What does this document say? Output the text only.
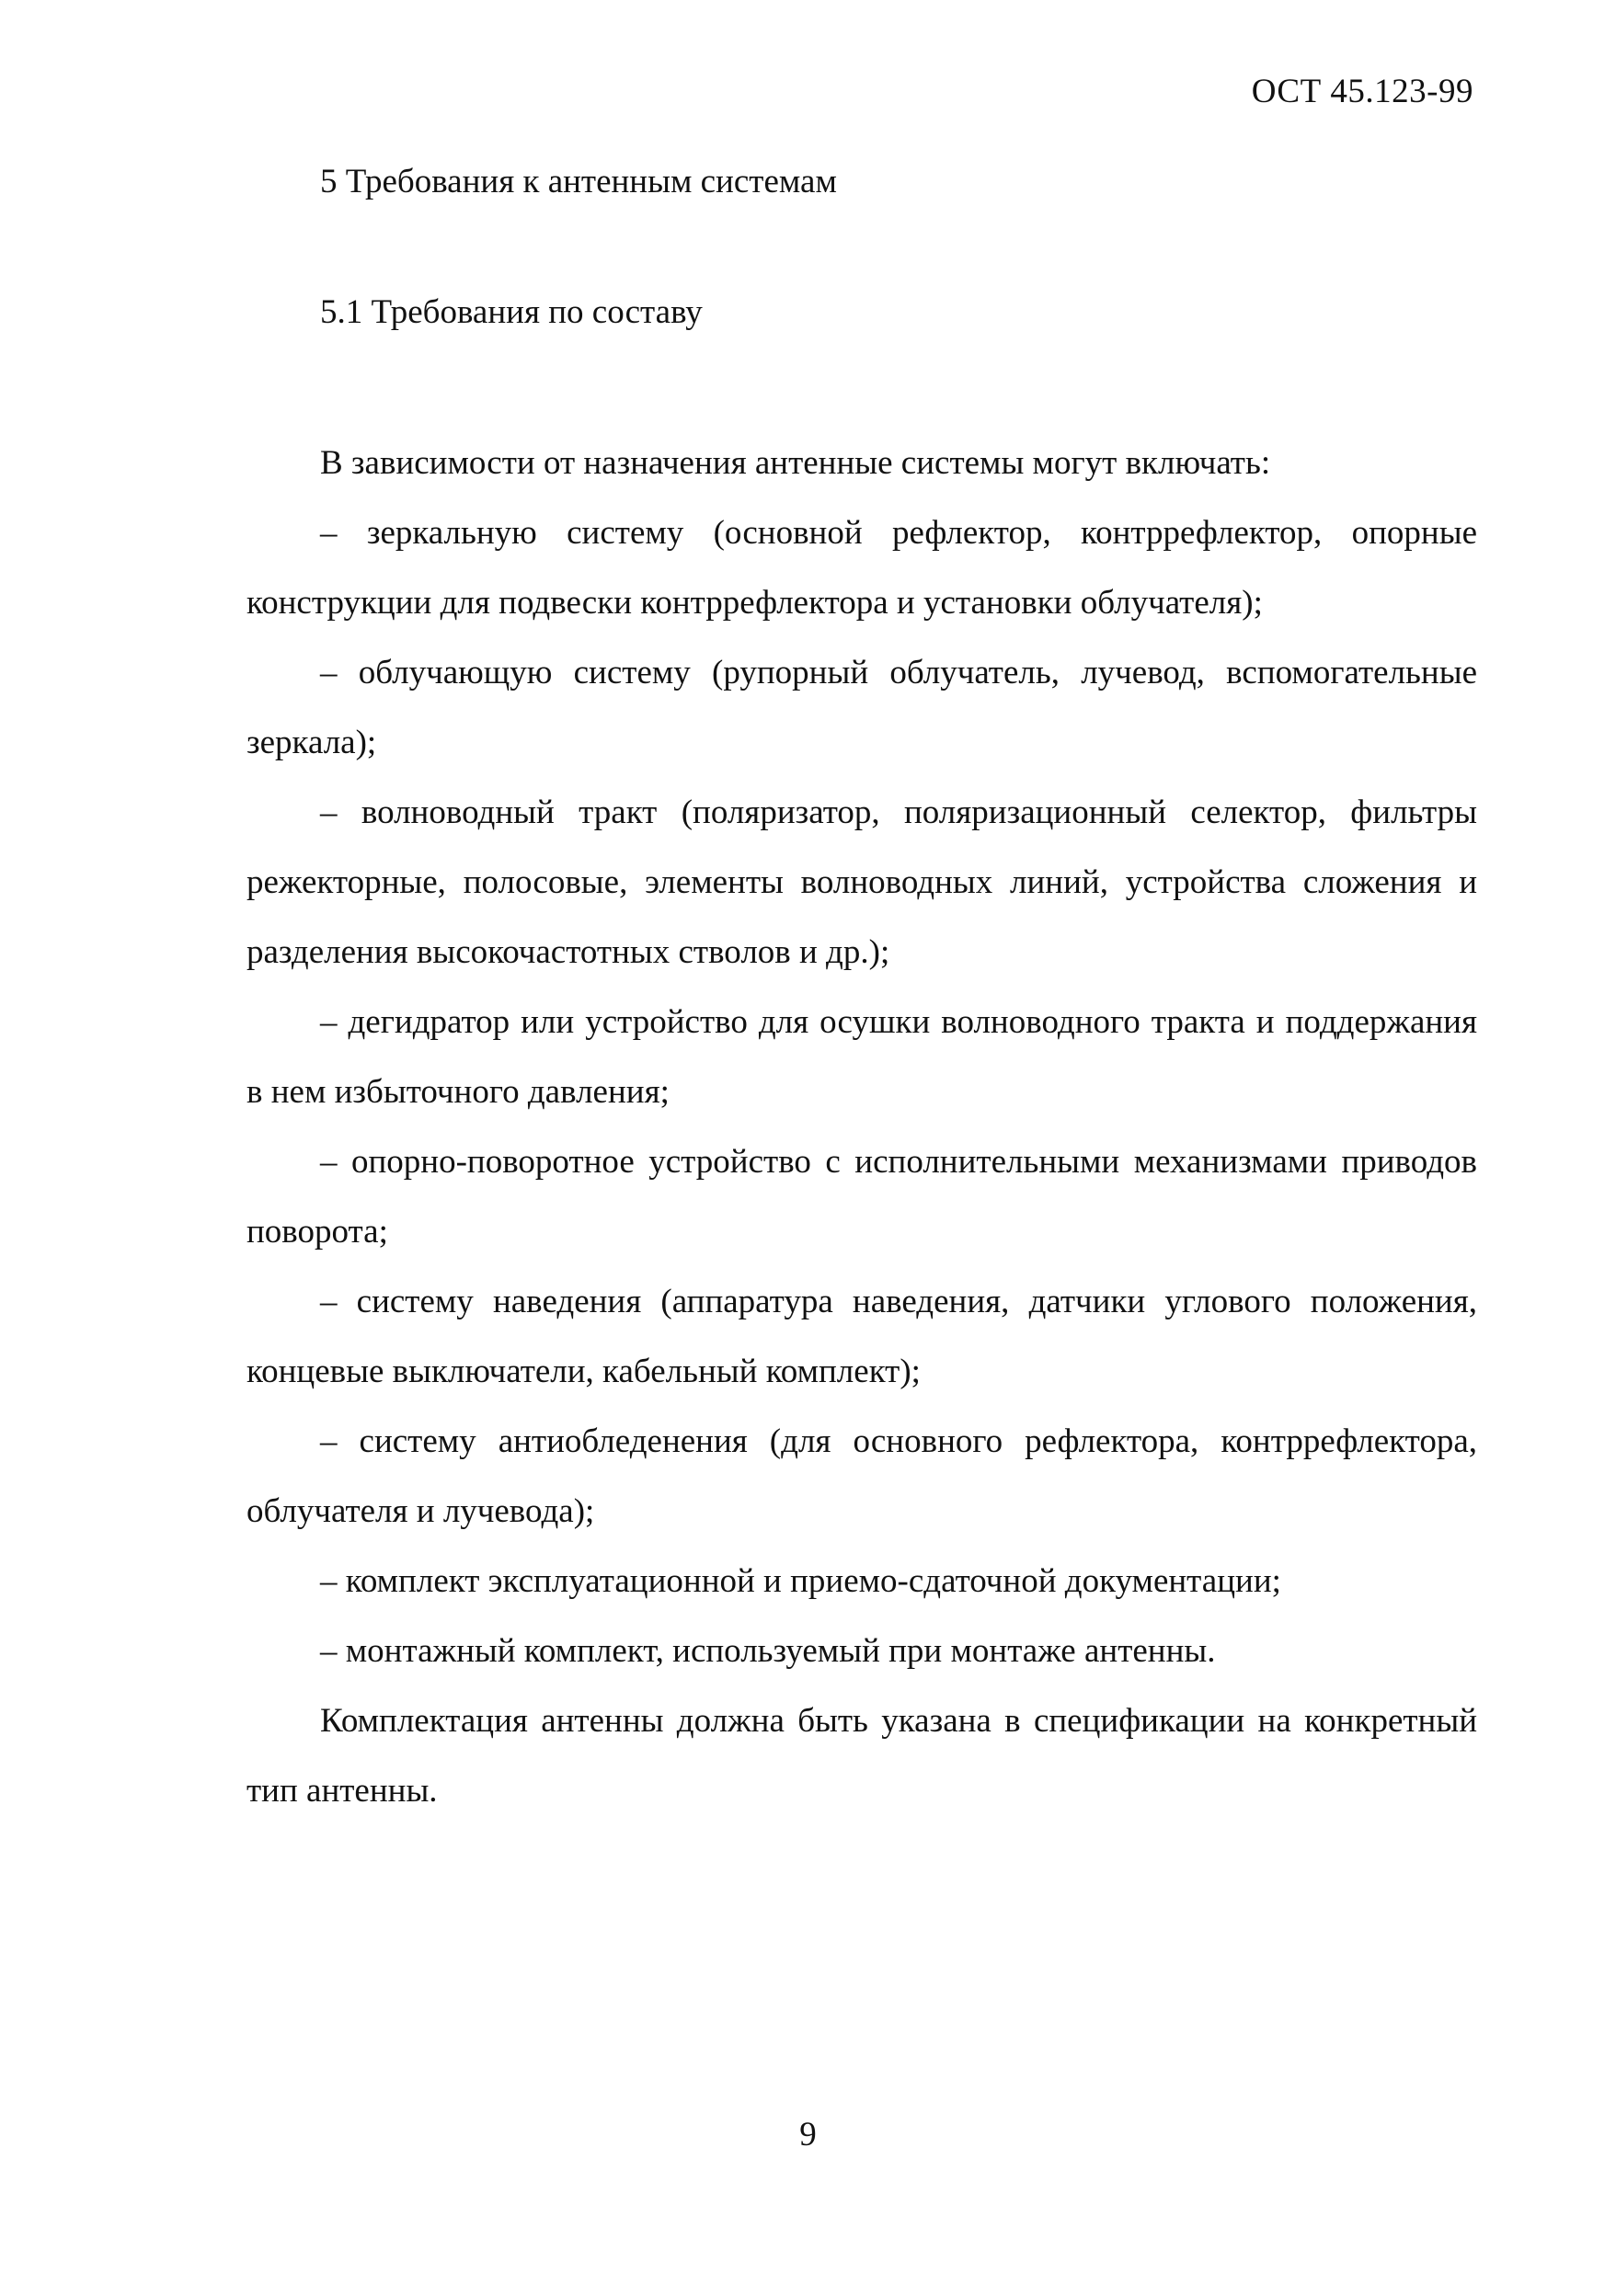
ОСТ 45.123-99
5 Требования к антенным системам
5.1 Требования по составу

В зависимости от назначения антенные системы могут включать:

– зеркальную систему (основной рефлектор, контррефлектор, опорные конструкции для подвески контррефлектора и установки облучателя);

– облучающую систему (рупорный облучатель, лучевод, вспомогательные зеркала);

– волноводный тракт (поляризатор, поляризационный селектор, фильтры режекторные, полосовые, элементы волноводных линий, устройства сложения и разделения высокочастотных стволов и др.);

– дегидратор или устройство для осушки волноводного тракта и поддержания в нем избыточного давления;

– опорно-поворотное устройство с исполнительными механизмами приводов поворота;

– систему наведения (аппаратура наведения, датчики углового положения, концевые выключатели, кабельный комплект);

– систему антиобледенения (для основного рефлектора, контррефлектора, облучателя и лучевода);

– комплект эксплуатационной и приемо-сдаточной документации;

– монтажный комплект, используемый при монтаже антенны.

Комплектация антенны должна быть указана в спецификации на конкретный тип антенны.

9
